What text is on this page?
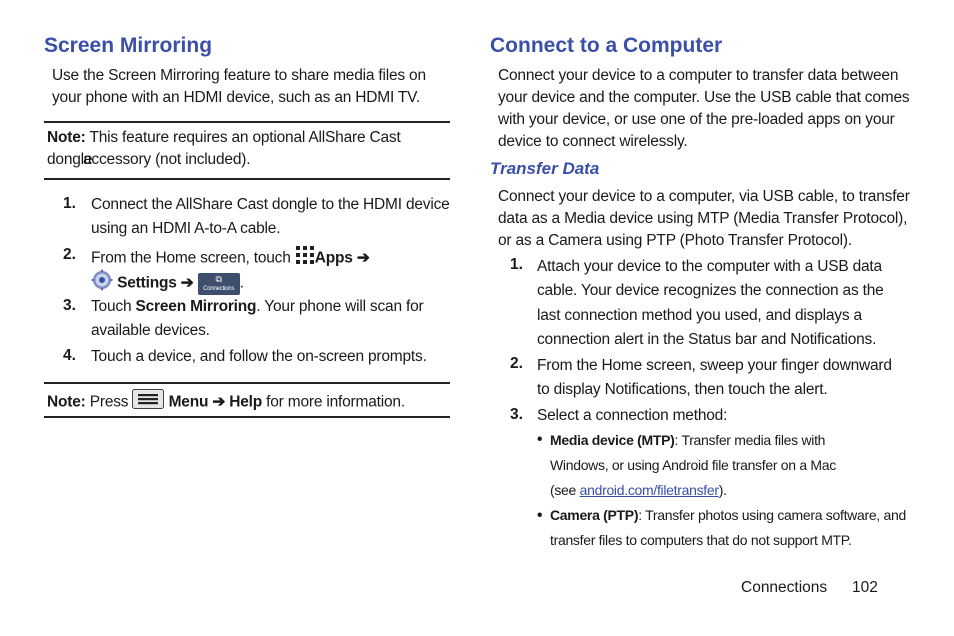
Screen Mirroring
Use the Screen Mirroring feature to share media files on your phone with an HDMI device, such as an HDMI TV.
Note: This feature requires an optional AllShare Cast dongle
accessory (not included).
1. Connect the AllShare Cast dongle to the HDMI device
using an HDMI A-to-A cable.
2. From the Home screen, touch Apps ➔
Settings ➔	⧉
Connections .
3. Touch Screen Mirroring. Your phone will scan for
available devices.
4. Touch a device, and follow the on-screen prompts.
Note: Press	Menu ➔ Help for more information.
Connect to a Computer
Connect your device to a computer to transfer data between
your device and the computer. Use the USB cable that comes
with your device, or use one of the pre-loaded apps on your
device to connect wirelessly.
Transfer Data
Connect your device to a computer, via USB cable, to transfer
data as a Media device using MTP (Media Transfer Protocol),
or as a Camera using PTP (Photo Transfer Protocol).
1. Attach your device to the computer with a USB data
cable. Your device recognizes the connection as the
last connection method you used, and displays a
connection alert in the Status bar and Notifications.
2. From the Home screen, sweep your finger downward
to display Notifications, then touch the alert.
3. Select a connection method:
• Media device (MTP): Transfer media files with
Windows, or using Android file transfer on a Mac
(see android.com/filetransfer).
• Camera (PTP): Transfer photos using camera software, and
transfer files to computers that do not support MTP.
Connections 102
